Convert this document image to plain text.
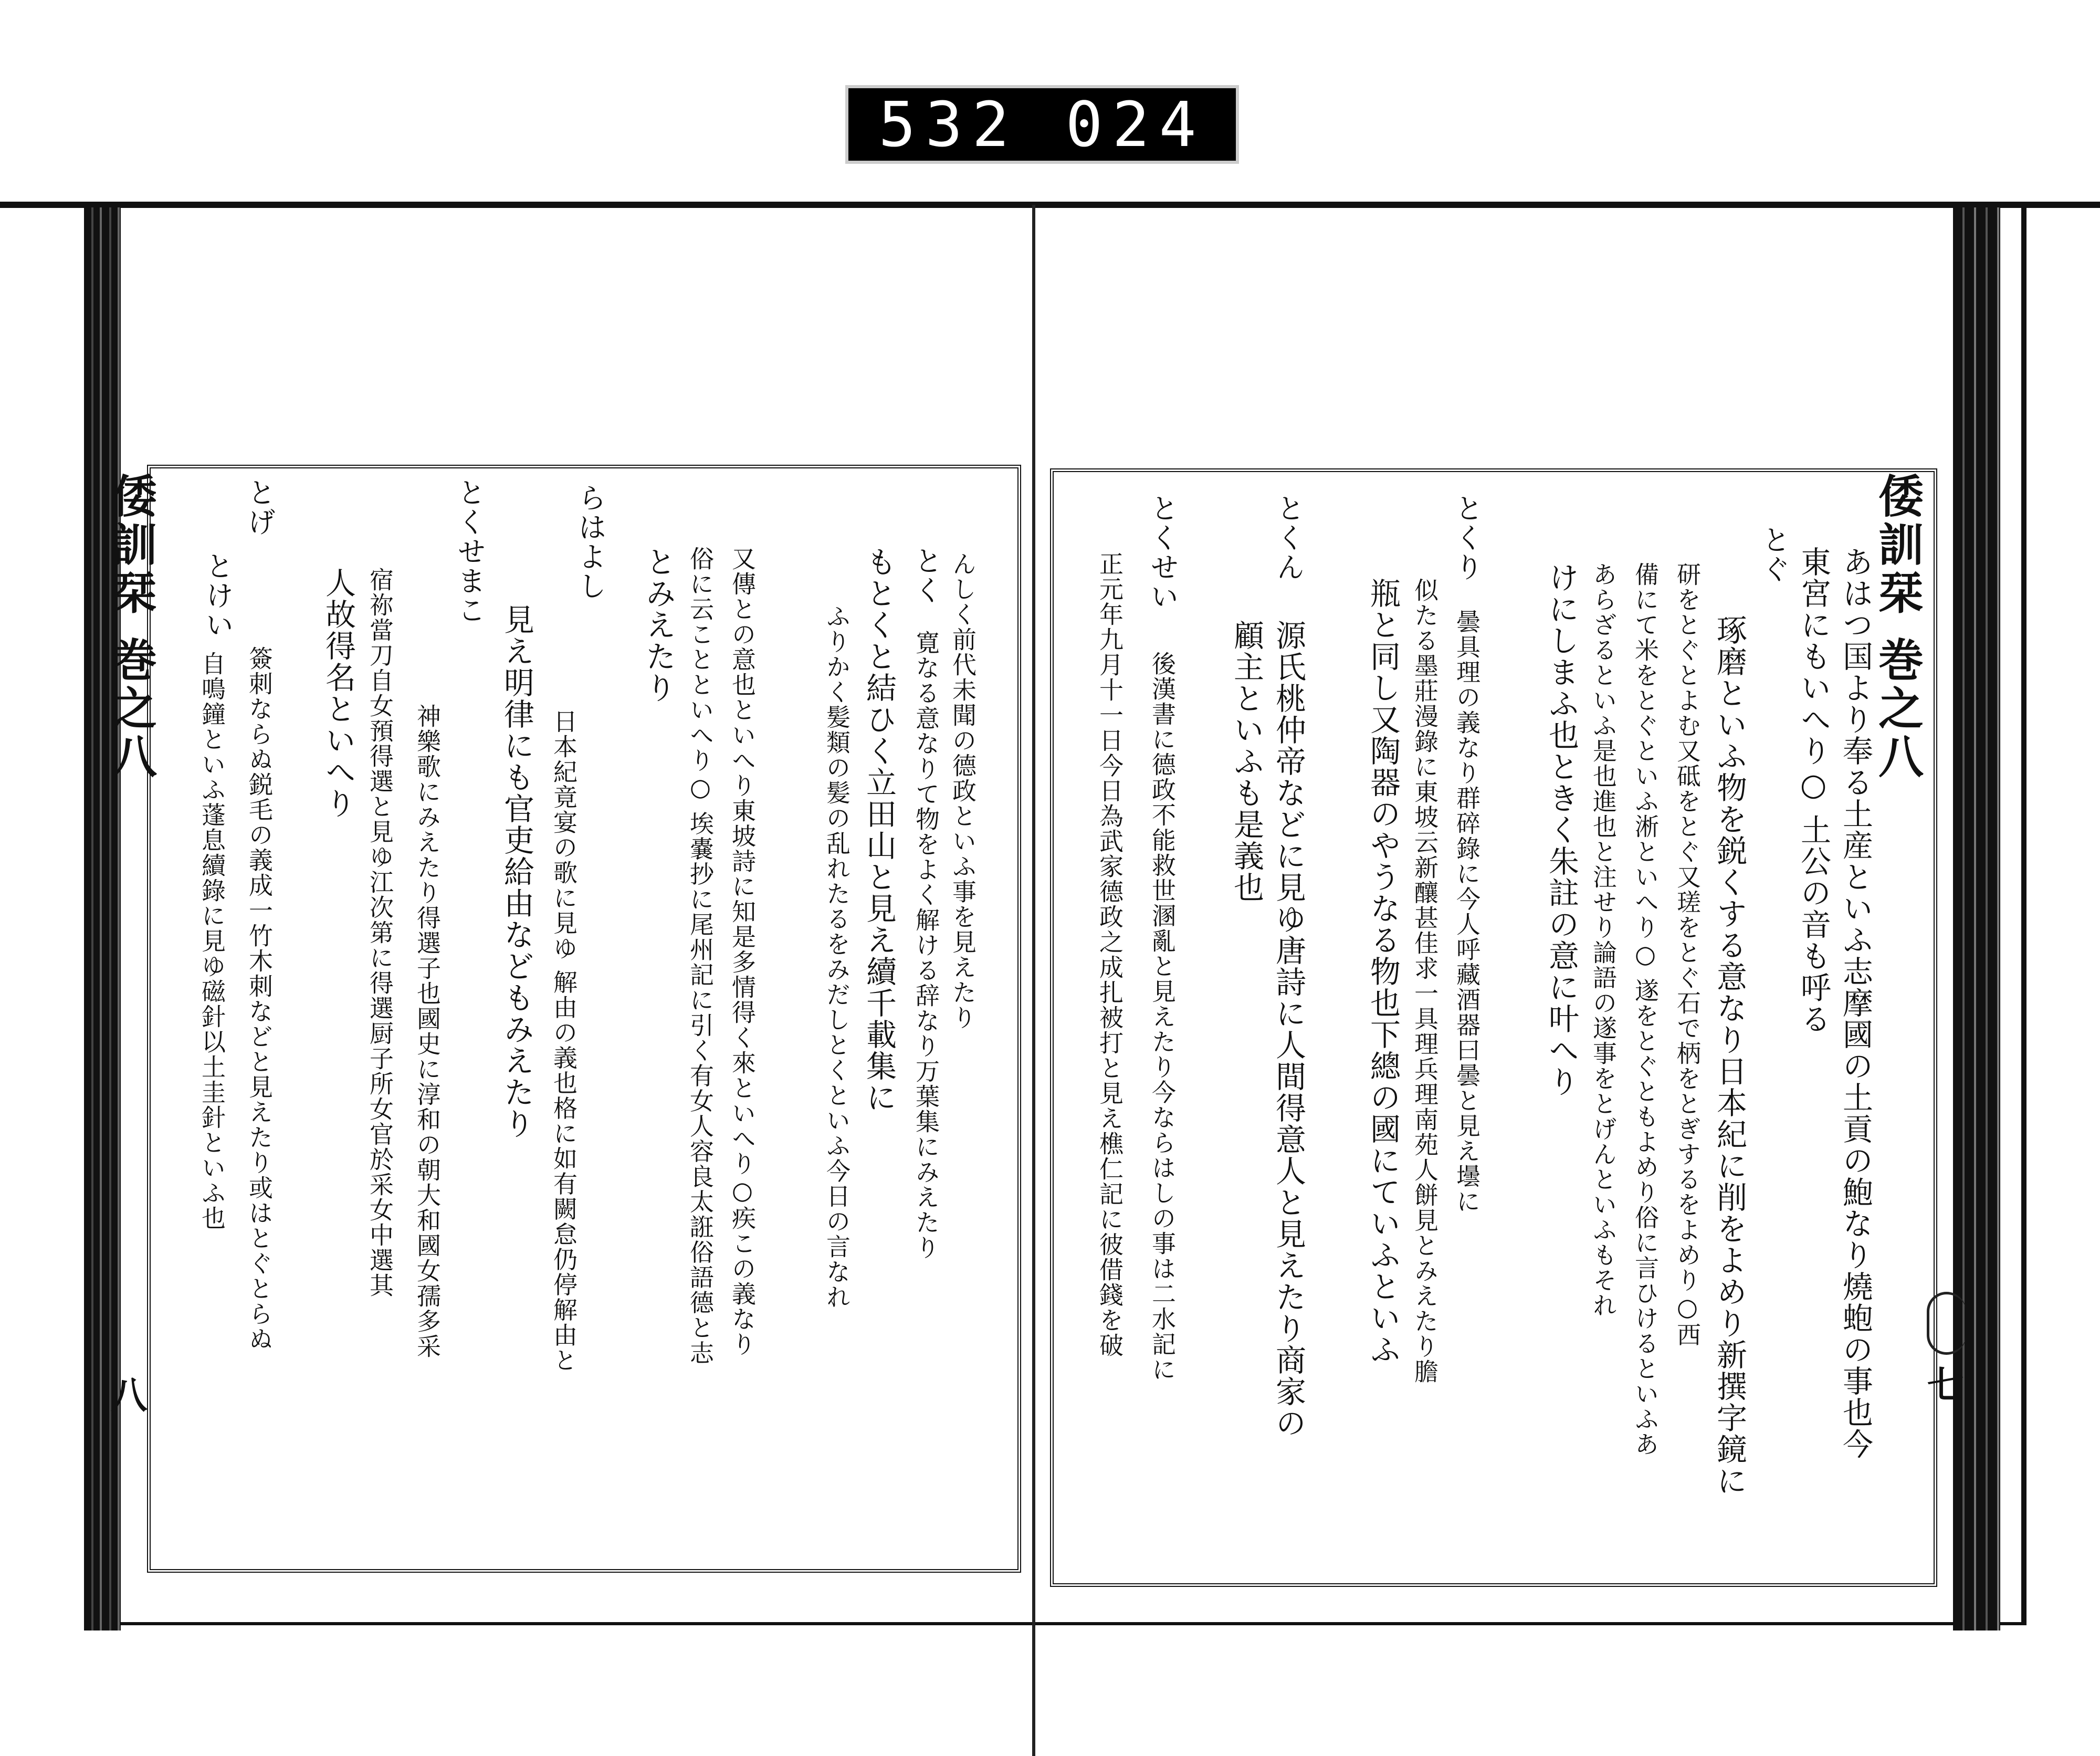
532 024
倭訓栞 巻之八	倭訓栞 巻之八
八	七
あはつ国より奉る土産といふ志摩國の土貢の鮑なり燒蚫の事也今
東宮にもいへり○ 土公の音も呼る
とぐ
琢磨といふ物を鋭くする意なり日本紀に削をよめり新撰字鏡に
研をとぐとよむ又砥をとぐ又瑳をとぐ石で柄をとぎするをよめり○西
備にて米をとぐといふ淅といへり○ 遂をとぐともよめり俗に言ひけるといふあ
あらざるといふ是也進也と注せり論語の遂事をとげんといふもそれ
けにしまふ也ときく朱註の意に叶へり
とくり
曇具理の義なり群碎錄に今人呼藏酒器曰曇と見え壜に
似たる墨莊漫錄に東坡云新釀甚佳求一具理兵理南苑人餅見とみえたり膽
瓶と同し又陶器のやうなる物也下總の國にていふといふ
とくん
源氏桃仲帝などに見ゆ唐詩に人間得意人と見えたり商家の
顧主といふも是義也
とくせい
後漢書に德政不能救世溷亂と見えたり今ならはしの事は二水記に
正元年九月十一日今日為武家德政之成扎被打と見え樵仁記に彼借錢を破
んしく前代未聞の德政といふ事を見えたり
とく
寛なる意なりて物をよく解ける辞なり万葉集にみえたり
もとくと結ひく立田山と見え續千載集に
ふりかく髪類の髪の乱れたるをみだしとくといふ今日の言なれ
又傳との意也といへり東坡詩に知是多情得く來といへり○疾この義なり
俗に云ことといへり○ 埃嚢抄に尾州記に引く有女人容良太誑俗語德と志
とみえたり
らはよし
日本紀竟宴の歌に見ゆ 解由の義也格に如有闕怠仍停解由と
見え明律にも官吏給由などもみえたり
とくせまこ
神樂歌にみえたり得選子也國史に淳和の朝大和國女孺多采
宿祢當刀自女預得選と見ゆ江次第に得選厨子所女官於采女中選其
人故得名といへり
とげ
簽刺ならぬ鋭毛の義成一竹木刺などと見えたり或はとぐとらぬ
とけい
自鳴鐘といふ蓬息續錄に見ゆ磁針以土圭針といふ也
